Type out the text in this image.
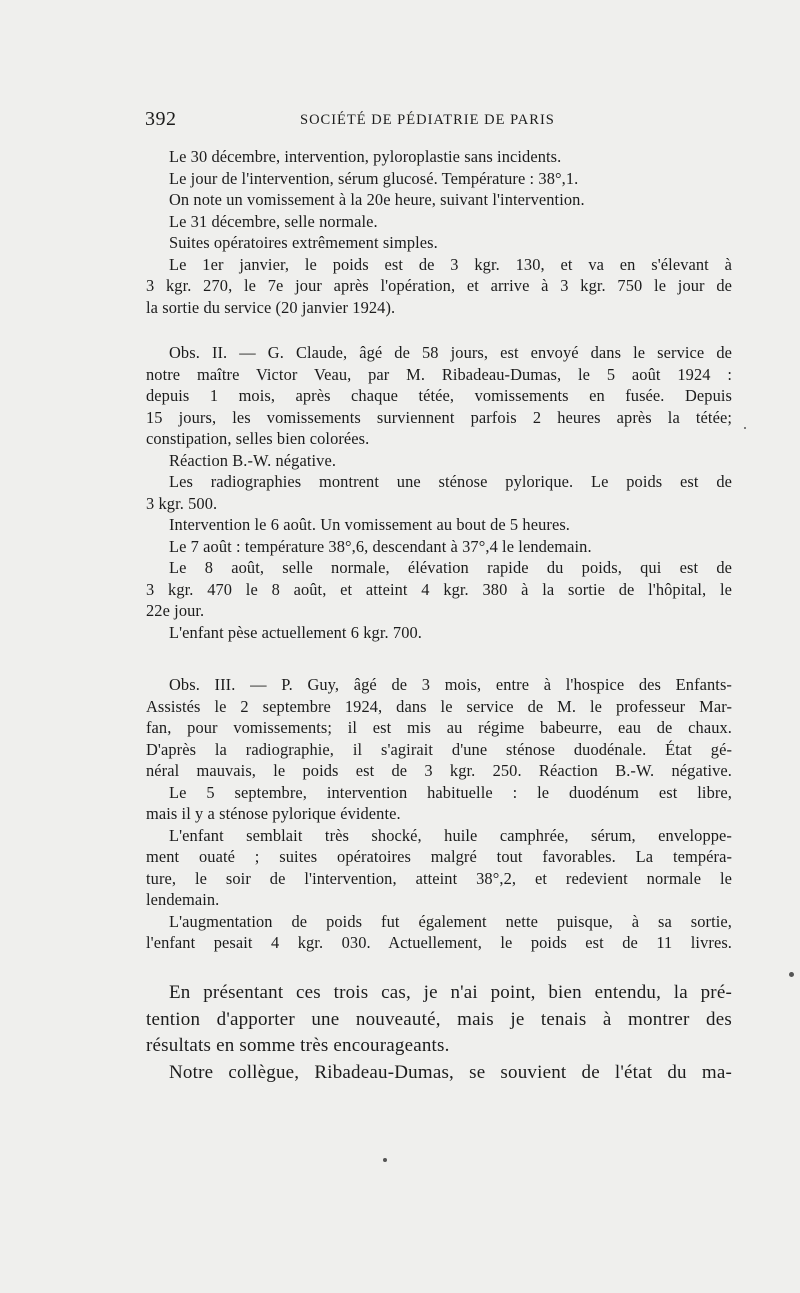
392	SOCIÉTÉ DE PÉDIATRIE DE PARIS
Le 30 décembre, intervention, pyloroplastie sans incidents.
Le jour de l'intervention, sérum glucosé. Température : 38°,1.
On note un vomissement à la 20e heure, suivant l'intervention.
Le 31 décembre, selle normale.
Suites opératoires extrêmement simples.
Le 1er janvier, le poids est de 3 kgr. 130, et va en s'élevant à
3 kgr. 270, le 7e jour après l'opération, et arrive à 3 kgr. 750 le jour de
la sortie du service (20 janvier 1924).
Obs. II. — G. Claude, âgé de 58 jours, est envoyé dans le service de
notre maître Victor Veau, par M. Ribadeau-Dumas, le 5 août 1924 :
depuis 1 mois, après chaque tétée, vomissements en fusée. Depuis
15 jours, les vomissements surviennent parfois 2 heures après la tétée;
constipation, selles bien colorées.
Réaction B.-W. négative.
Les radiographies montrent une sténose pylorique. Le poids est de
3 kgr. 500.
Intervention le 6 août. Un vomissement au bout de 5 heures.
Le 7 août : température 38°,6, descendant à 37°,4 le lendemain.
Le 8 août, selle normale, élévation rapide du poids, qui est de
3 kgr. 470 le 8 août, et atteint 4 kgr. 380 à la sortie de l'hôpital, le
22e jour.
L'enfant pèse actuellement 6 kgr. 700.
Obs. III. — P. Guy, âgé de 3 mois, entre à l'hospice des Enfants-
Assistés le 2 septembre 1924, dans le service de M. le professeur Mar-
fan, pour vomissements; il est mis au régime babeurre, eau de chaux.
D'après la radiographie, il s'agirait d'une sténose duodénale. État gé-
néral mauvais, le poids est de 3 kgr. 250. Réaction B.-W. négative.
Le 5 septembre, intervention habituelle : le duodénum est libre,
mais il y a sténose pylorique évidente.
L'enfant semblait très shocké, huile camphrée, sérum, enveloppe-
ment ouaté ; suites opératoires malgré tout favorables. La tempéra-
ture, le soir de l'intervention, atteint 38°,2, et redevient normale le
lendemain.
L'augmentation de poids fut également nette puisque, à sa sortie,
l'enfant pesait 4 kgr. 030. Actuellement, le poids est de 11 livres.
En présentant ces trois cas, je n'ai point, bien entendu, la pré-
tention d'apporter une nouveauté, mais je tenais à montrer des
résultats en somme très encourageants.
Notre collègue, Ribadeau-Dumas, se souvient de l'état du ma-
